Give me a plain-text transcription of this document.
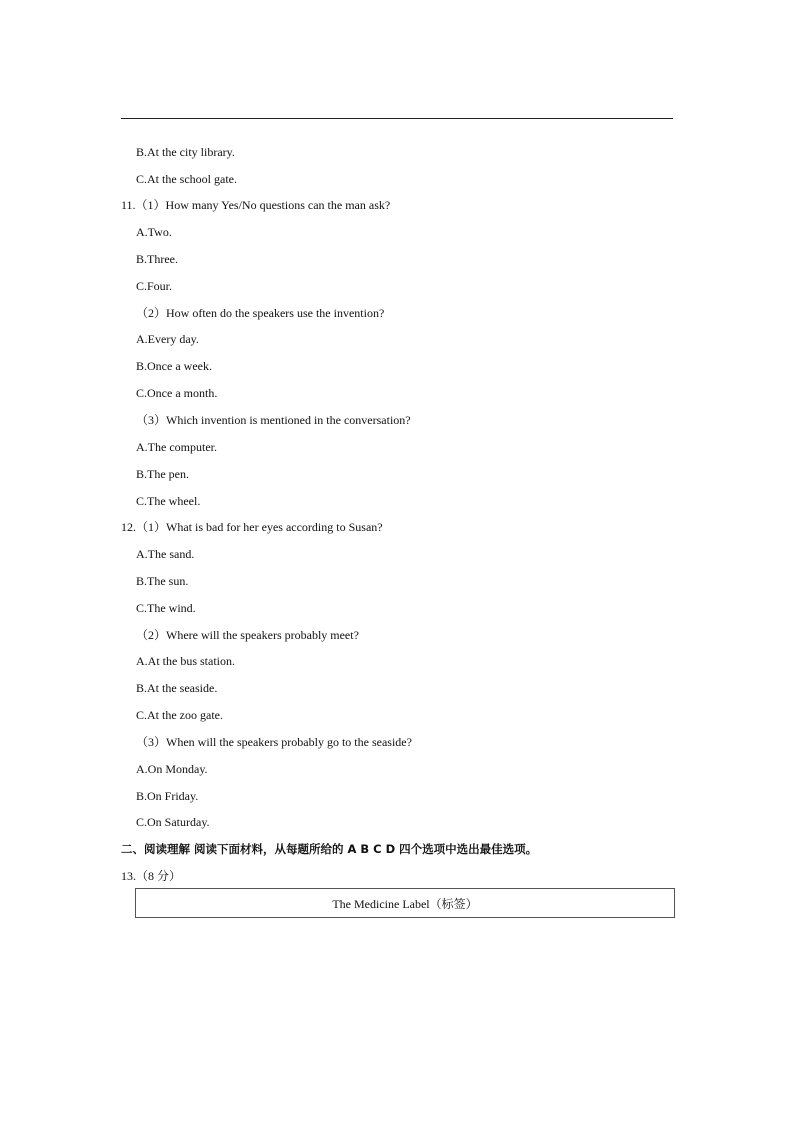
B.At the city library.
C.At the school gate.
11.（1）How many Yes/No questions can the man ask?
A.Two.
B.Three.
C.Four.
（2）How often do the speakers use the invention?
A.Every day.
B.Once a week.
C.Once a month.
（3）Which invention is mentioned in the conversation?
A.The computer.
B.The pen.
C.The wheel.
12.（1）What is bad for her eyes according to Susan?
A.The sand.
B.The sun.
C.The wind.
（2）Where will the speakers probably meet?
A.At the bus station.
B.At the seaside.
C.At the zoo gate.
（3）When will the speakers probably go to the seaside?
A.On Monday.
B.On Friday.
C.On Saturday.
二、阅读理解 阅读下面材料，从每题所给的 A B C D 四个选项中选出最佳选项。
13.（8 分）
The Medicine Label（标签）
